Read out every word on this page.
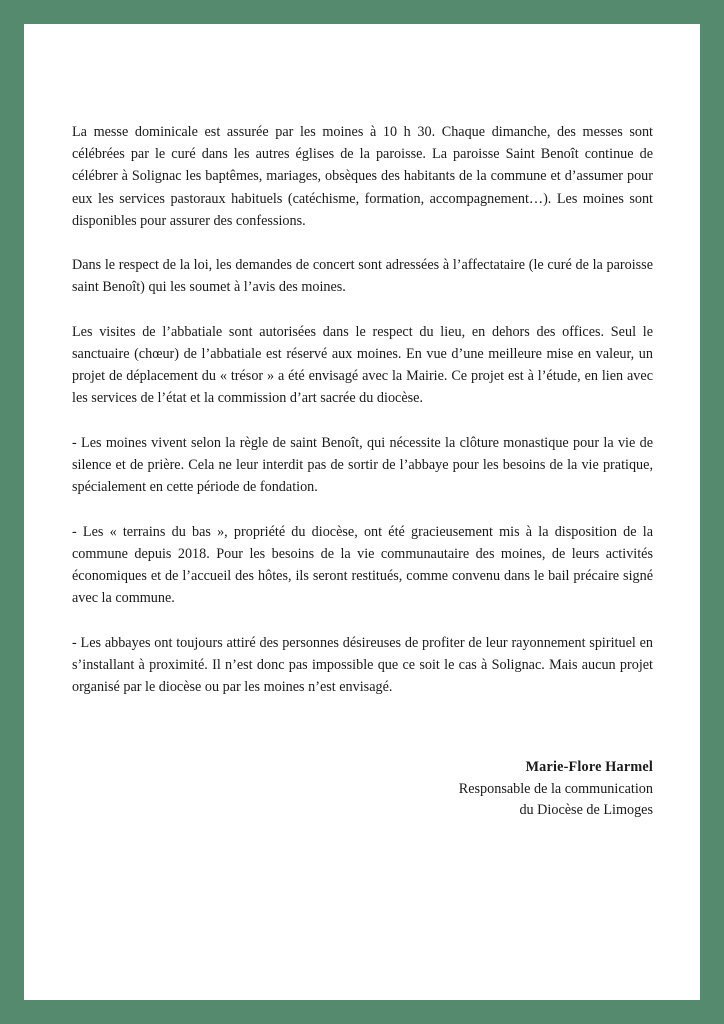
La messe dominicale est assurée par les moines à 10 h 30. Chaque dimanche, des messes sont célébrées par le curé dans les autres églises de la paroisse. La paroisse Saint Benoît continue de célébrer à Solignac les baptêmes, mariages, obsèques des habitants de la commune et d’assumer pour eux les services pastoraux habituels (catéchisme, formation, accompagnement…). Les moines sont disponibles pour assurer des confessions.

Dans le respect de la loi, les demandes de concert sont adressées à l’affectataire (le curé de la paroisse saint Benoît) qui les soumet à l’avis des moines.

Les visites de l’abbatiale sont autorisées dans le respect du lieu, en dehors des offices. Seul le sanctuaire (chœur) de l’abbatiale est réservé aux moines. En vue d’une meilleure mise en valeur, un projet de déplacement du « trésor » a été envisagé avec la Mairie. Ce projet est à l’étude, en lien avec les services de l’état et la commission d’art sacrée du diocèse.

- Les moines vivent selon la règle de saint Benoît, qui nécessite la clôture monastique pour la vie de silence et de prière. Cela ne leur interdit pas de sortir de l’abbaye pour les besoins de la vie pratique, spécialement en cette période de fondation.

- Les « terrains du bas », propriété du diocèse, ont été gracieusement mis à la disposition de la commune depuis 2018. Pour les besoins de la vie communautaire des moines, de leurs activités économiques et de l’accueil des hôtes, ils seront restitués, comme convenu dans le bail précaire signé avec la commune.

- Les abbayes ont toujours attiré des personnes désireuses de profiter de leur rayonnement spirituel en s’installant à proximité. Il n’est donc pas impossible que ce soit le cas à Solignac. Mais aucun projet organisé par le diocèse ou par les moines n’est envisagé.

Marie-Flore Harmel
Responsable de la communication
du Diocèse de Limoges
